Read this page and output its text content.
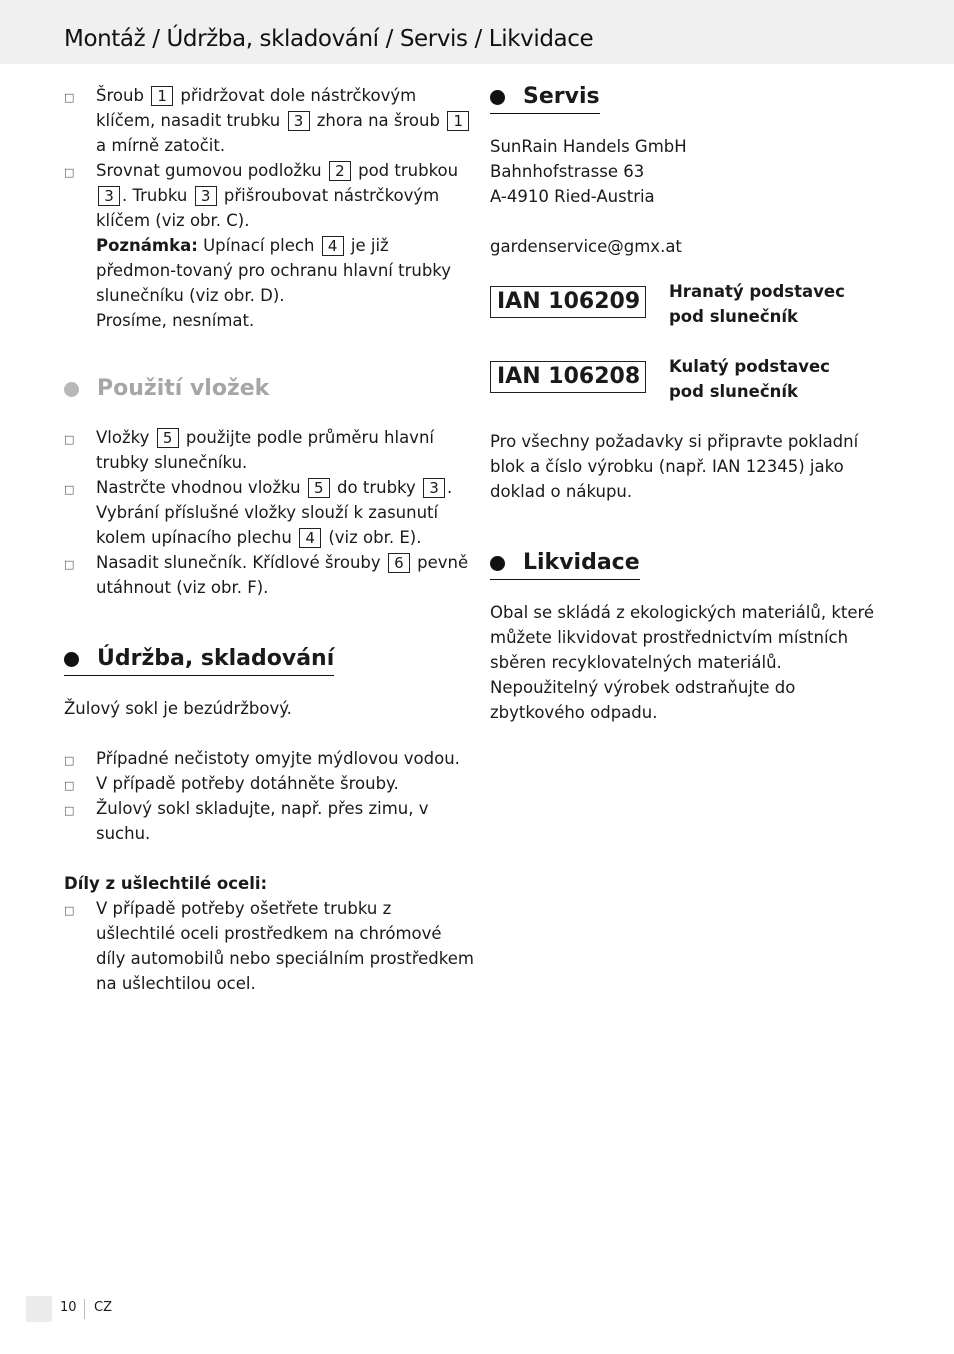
Montáž / Údržba, skladování / Servis / Likvidace
□ Šroub 1 přidržovat dole nástrčkovým klíčem, nasadit trubku 3 zhora na šroub 1 a mírně zatočit.
□ Srovnat gumovou podložku 2 pod trubkou 3 . Trubku 3 přišroubovat nástrčkovým klíčem (viz obr. C).
Poznámka: Upínací plech 4 je již předmon-tovaný pro ochranu hlavní trubky slunečníku (viz obr. D).

Prosíme, nesnímat.

Použití vložek
□ Vložky 5 použijte podle průměru hlavní trubky slunečníku.
□ Nastrčte vhodnou vložku 5 do trubky 3 . Vybrání příslušné vložky slouží k zasunutí kolem upínacího plechu 4 (viz obr. E).
□ Nasadit slunečník. Křídlové šrouby 6 pevně utáhnout (viz obr. F).
Údržba, skladování

Žulový sokl je bezúdržbový.

□ Případné nečistoty omyjte mýdlovou vodou.
□ V případě potřeby dotáhněte šrouby.
□ Žulový sokl skladujte, např. přes zimu, v suchu.

Díly z ušlechtilé oceli:

□ V případě potřeby ošetřete trubku z ušlechtilé oceli prostředkem na chrómové díly automobilů nebo speciálním prostředkem na ušlechtilou ocel.
Servis

SunRain Handels GmbH

Bahnhofstrasse 63

A-4910 Ried-Austria

gardenservice@gmx.at

IAN 106209	Hranatý podstavec
pod slunečník
IAN 106208	Kulatý podstavec
pod slunečník

Pro všechny požadavky si připravte pokladní blok a číslo výrobku (např. IAN 12345) jako doklad o nákupu.

Likvidace

Obal se skládá z ekologických materiálů, které můžete likvidovat prostřednictvím místních sběren recyklovatelných materiálů. Nepoužitelný výrobek odstraňujte do zbytkového odpadu.

10 CZ
